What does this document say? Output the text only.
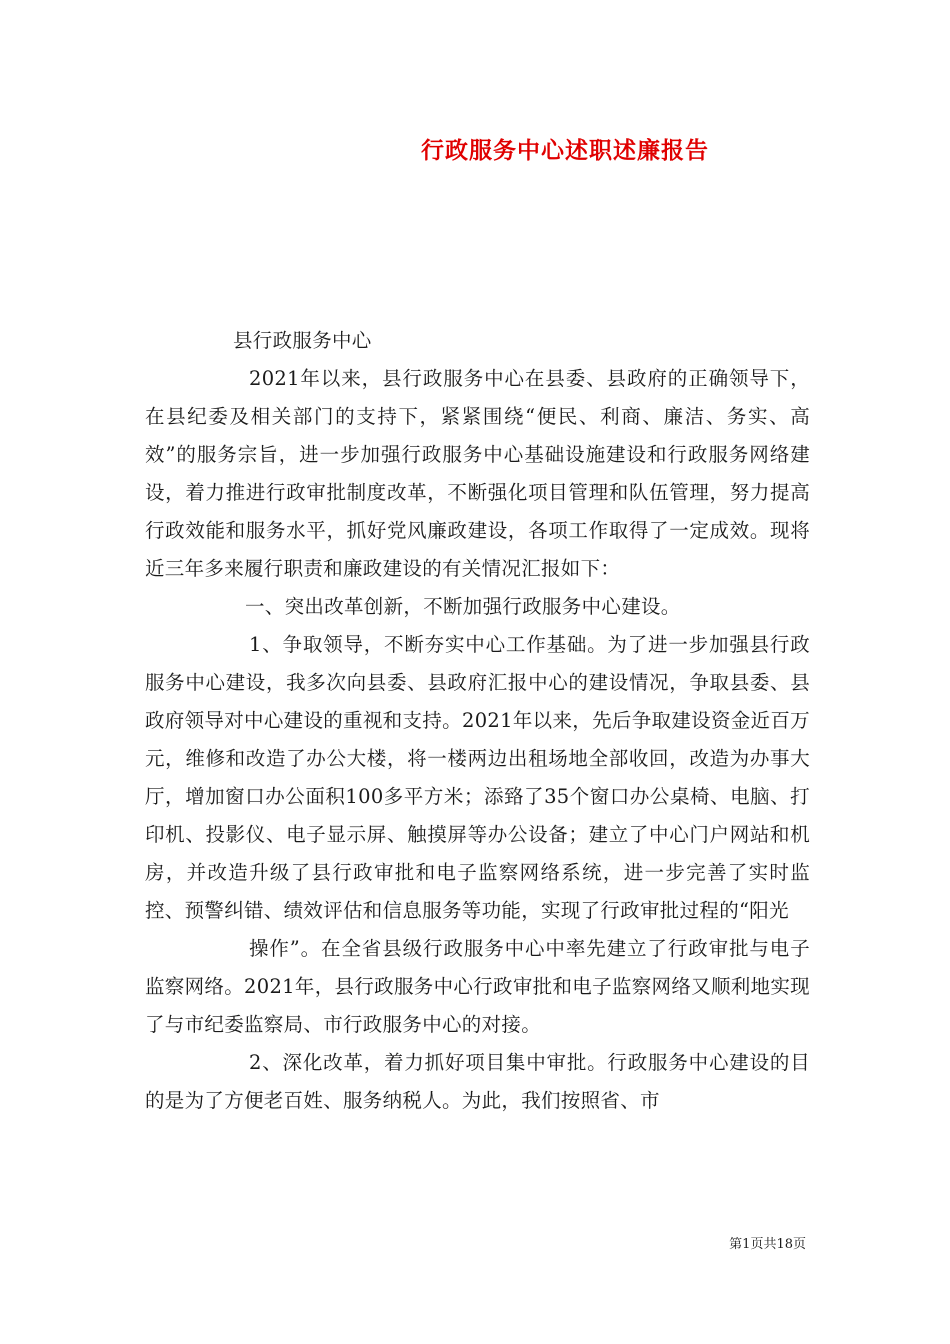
行政服务中心述职述廉报告

县行政服务中心

2021年以来，县行政服务中心在县委、县政府的正确领导下，在县纪委及相关部门的支持下，紧紧围绕“便民、利商、廉洁、务实、高效”的服务宗旨，进一步加强行政服务中心基础设施建设和行政服务网络建设，着力推进行政审批制度改革，不断强化项目管理和队伍管理，努力提高行政效能和服务水平，抓好党风廉政建设，各项工作取得了一定成效。现将近三年多来履行职责和廉政建设的有关情况汇报如下：

一、突出改革创新，不断加强行政服务中心建设。

1、争取领导，不断夯实中心工作基础。为了进一步加强县行政服务中心建设，我多次向县委、县政府汇报中心的建设情况，争取县委、县政府领导对中心建设的重视和支持。2021年以来，先后争取建设资金近百万元，维修和改造了办公大楼，将一楼两边出租场地全部收回，改造为办事大厅，增加窗口办公面积100多平方米；添臵了35个窗口办公桌椅、电脑、打印机、投影仪、电子显示屏、触摸屏等办公设备；建立了中心门户网站和机房，并改造升级了县行政审批和电子监察网络系统，进一步完善了实时监控、预警纠错、绩效评估和信息服务等功能，实现了行政审批过程的“阳光

操作”。在全省县级行政服务中心中率先建立了行政审批与电子监察网络。2021年，县行政服务中心行政审批和电子监察网络又顺利地实现了与市纪委监察局、市行政服务中心的对接。

2、深化改革，着力抓好项目集中审批。行政服务中心建设的目的是为了方便老百姓、服务纳税人。为此，我们按照省、市

第1页共18页
